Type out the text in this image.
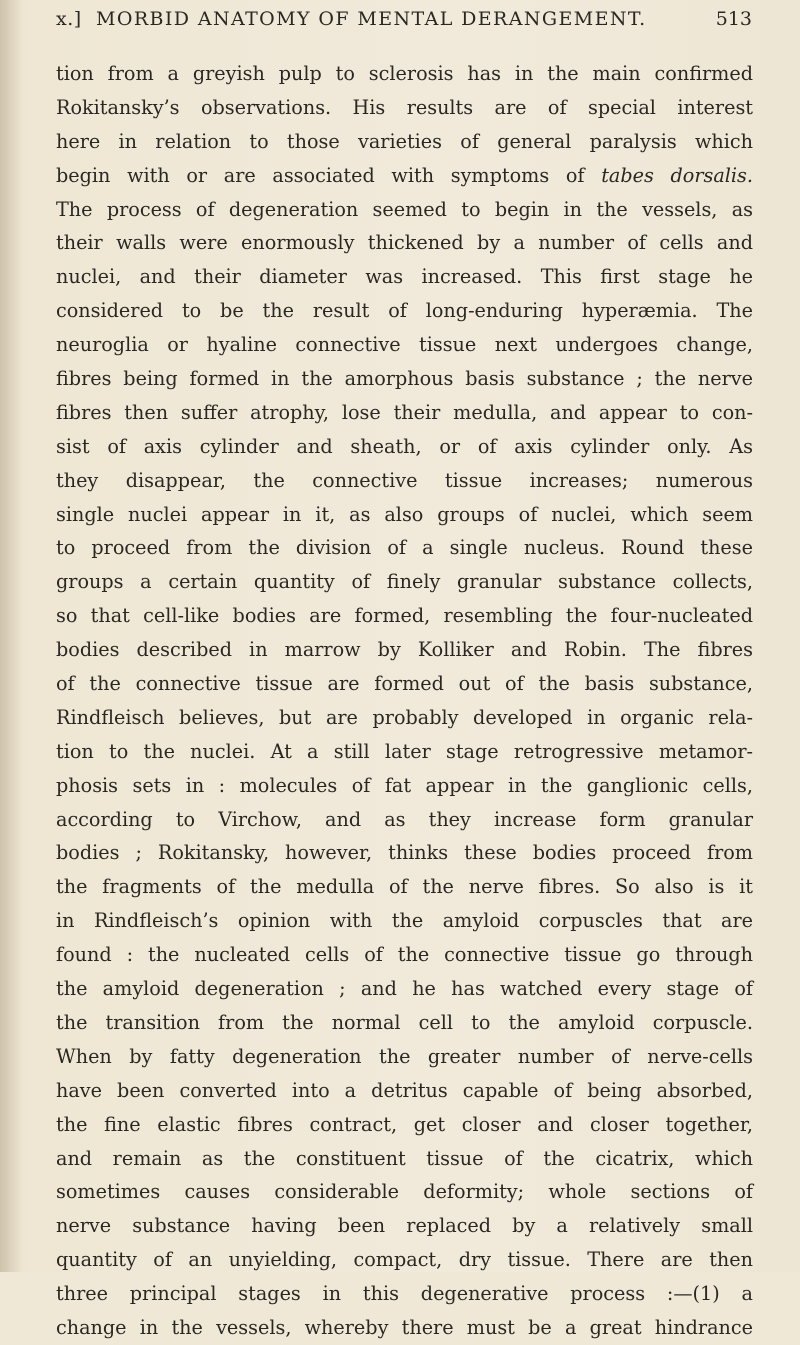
x.] MORBID ANATOMY OF MENTAL DERANGEMENT.	513
tion from a greyish pulp to sclerosis has in the main confirmed
Rokitansky’s observations. His results are of special interest
here in relation to those varieties of general paralysis which
begin with or are associated with symptoms of tabes dorsalis.
The process of degeneration seemed to begin in the vessels, as
their walls were enormously thickened by a number of cells and
nuclei, and their diameter was increased. This first stage he
considered to be the result of long-enduring hyperæmia. The
neuroglia or hyaline connective tissue next undergoes change,
fibres being formed in the amorphous basis substance ; the nerve
fibres then suffer atrophy, lose their medulla, and appear to con-
sist of axis cylinder and sheath, or of axis cylinder only. As
they disappear, the connective tissue increases; numerous
single nuclei appear in it, as also groups of nuclei, which seem
to proceed from the division of a single nucleus. Round these
groups a certain quantity of finely granular substance collects,
so that cell-like bodies are formed, resembling the four-nucleated
bodies described in marrow by Kolliker and Robin. The fibres
of the connective tissue are formed out of the basis substance,
Rindfleisch believes, but are probably developed in organic rela-
tion to the nuclei. At a still later stage retrogressive metamor-
phosis sets in : molecules of fat appear in the ganglionic cells,
according to Virchow, and as they increase form granular
bodies ; Rokitansky, however, thinks these bodies proceed from
the fragments of the medulla of the nerve fibres. So also is it
in Rindfleisch’s opinion with the amyloid corpuscles that are
found : the nucleated cells of the connective tissue go through
the amyloid degeneration ; and he has watched every stage of
the transition from the normal cell to the amyloid corpuscle.
When by fatty degeneration the greater number of nerve-cells
have been converted into a detritus capable of being absorbed,
the fine elastic fibres contract, get closer and closer together,
and remain as the constituent tissue of the cicatrix, which
sometimes causes considerable deformity; whole sections of
nerve substance having been replaced by a relatively small
quantity of an unyielding, compact, dry tissue. There are then
three principal stages in this degenerative process :—(1) a
change in the vessels, whereby there must be a great hindrance
